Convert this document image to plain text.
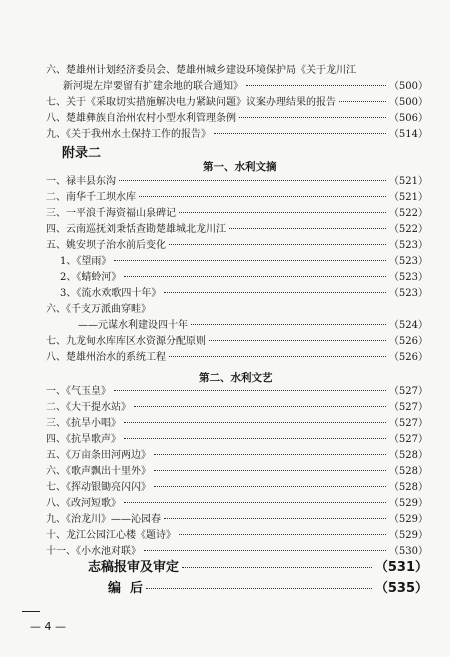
六、楚雄州计划经济委员会、楚雄州城乡建设环境保护局《关于龙川江
新河堤左岸要留有扩建余地的联合通知》	（500）
七、关于《采取切实措施解决电力紧缺问题》议案办理结果的报告	（500）
八、楚雄彝族自治州农村小型水利管理条例	（506）
九、《关于我州水土保持工作的报告》	（514）
附录二
第一、水利文摘
一、禄丰县东沟	（521）
二、南华千工坝水库	（521）
三、一平浪千海资福山泉碑记	（522）
四、云南巡抚刘秉恬查勘楚雄城北龙川江	（522）
五、姚安坝子治水前后变化	（523）
1、《望雨》	（523）
2、《蜻蛉河》	（523）
3、《流水欢歌四十年》	（523）
六、《千支万派曲穿畦》
——元谋水利建设四十年	（524）
七、九龙甸水库库区水资源分配原则	（526）
八、楚雄州治水的系统工程	（526）
第二、水利文艺
一、《气玉皇》	（527）
二、《大干提水站》	（527）
三、《抗旱小唱》	（527）
四、《抗旱歌声》	（527）
五、《万亩条田河两边》	（528）
六、《歌声飘出十里外》	（528）
七、《挥动银锄亮闪闪》	（528）
八、《改河短歌》	（529）
九、《治龙川》——沁园春	（529）
十、龙江公园江心楼《题诗》	（529）
十一、《小水池对联》	（530）
志稿报审及审定	（531）
编  后	（535）
— 4 —
